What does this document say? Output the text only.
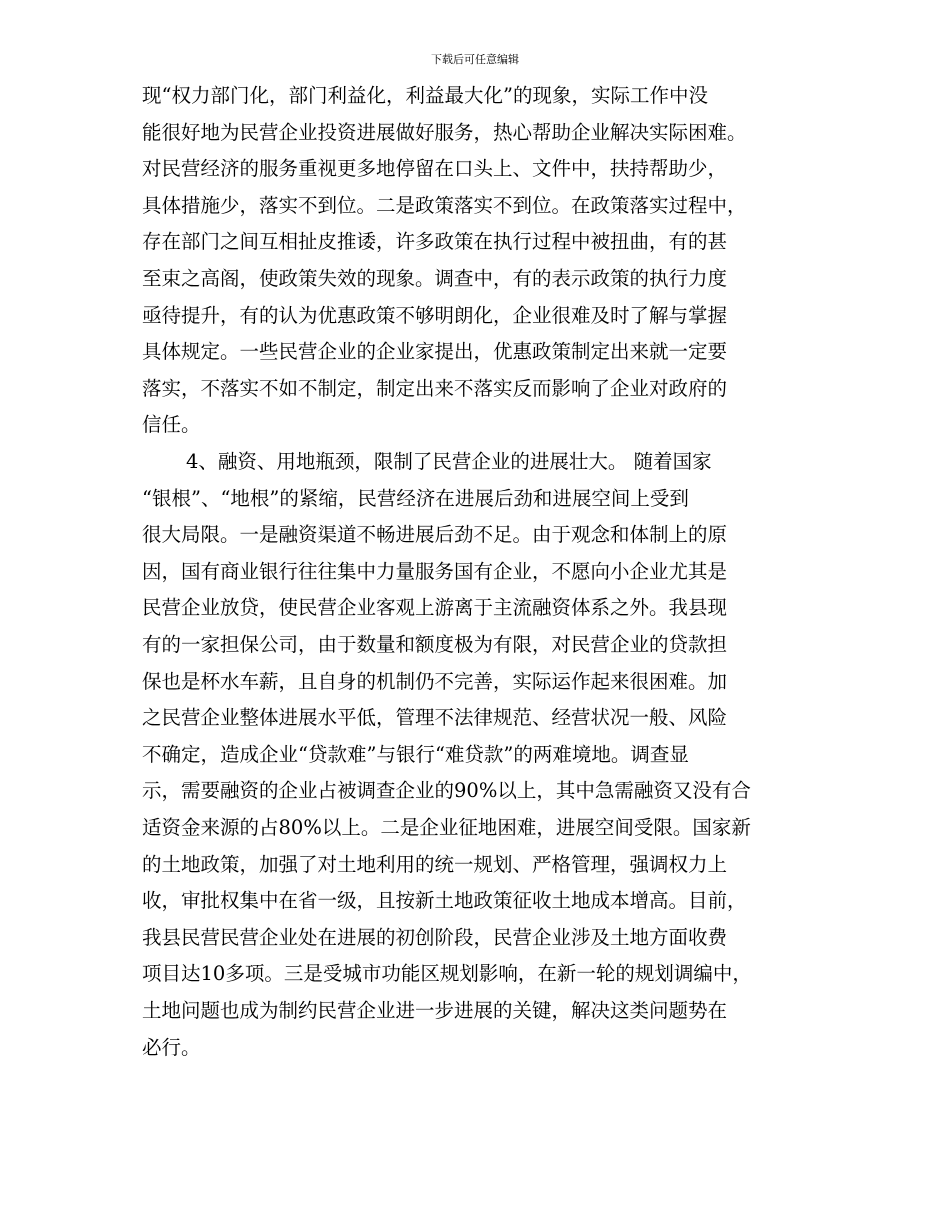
下载后可任意编辑
现“权力部门化，部门利益化，利益最大化”的现象，实际工作中没
能很好地为民营企业投资进展做好服务，热心帮助企业解决实际困难。
对民营经济的服务重视更多地停留在口头上、文件中，扶持帮助少，
具体措施少，落实不到位。二是政策落实不到位。在政策落实过程中，
存在部门之间互相扯皮推诿，许多政策在执行过程中被扭曲，有的甚
至束之高阁，使政策失效的现象。调查中，有的表示政策的执行力度
亟待提升，有的认为优惠政策不够明朗化，企业很难及时了解与掌握
具体规定。一些民营企业的企业家提出，优惠政策制定出来就一定要
落实，不落实不如不制定，制定出来不落实反而影响了企业对政府的
信任。
4、融资、用地瓶颈，限制了民营企业的进展壮大。 随着国家
“银根”、“地根”的紧缩，民营经济在进展后劲和进展空间上受到
很大局限。一是融资渠道不畅进展后劲不足。由于观念和体制上的原
因，国有商业银行往往集中力量服务国有企业，不愿向小企业尤其是
民营企业放贷，使民营企业客观上游离于主流融资体系之外。我县现
有的一家担保公司，由于数量和额度极为有限，对民营企业的贷款担
保也是杯水车薪，且自身的机制仍不完善，实际运作起来很困难。加
之民营企业整体进展水平低，管理不法律规范、经营状况一般、风险
不确定，造成企业“贷款难”与银行“难贷款”的两难境地。调查显
示，需要融资的企业占被调查企业的90%以上，其中急需融资又没有合
适资金来源的占80%以上。二是企业征地困难，进展空间受限。国家新
的土地政策，加强了对土地利用的统一规划、严格管理，强调权力上
收，审批权集中在省一级，且按新土地政策征收土地成本增高。目前，
我县民营民营企业处在进展的初创阶段，民营企业涉及土地方面收费
项目达10多项。三是受城市功能区规划影响，在新一轮的规划调编中，
土地问题也成为制约民营企业进一步进展的关键，解决这类问题势在
必行。
